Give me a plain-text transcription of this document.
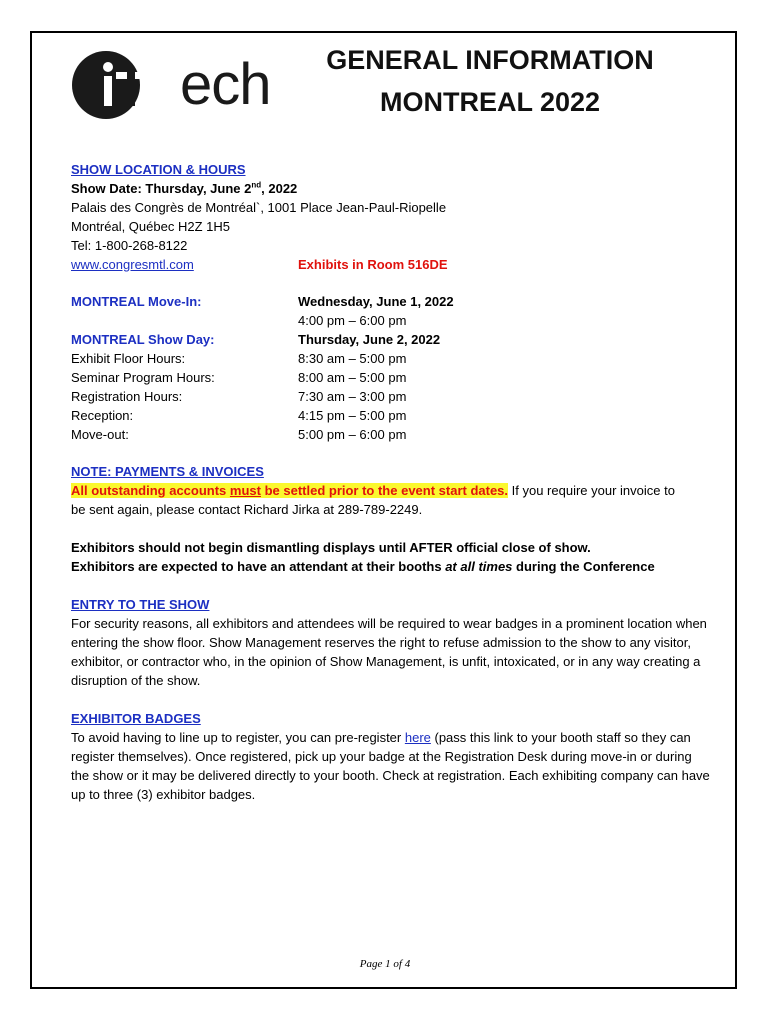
ech	GENERAL INFORMATION
MONTREAL 2022
SHOW LOCATION & HOURS
Show Date: Thursday, June 2nd, 2022
Palais des Congrès de Montréal`, 1001 Place Jean-Paul-Riopelle
Montréal, Québec H2Z 1H5
Tel: 1-800-268-8122
www.congresmtl.com	Exhibits in Room 516DE
MONTREAL Move-In:	Wednesday, June 1, 2022
4:00 pm – 6:00 pm
MONTREAL Show Day:	Thursday, June 2, 2022
Exhibit Floor Hours:	8:30 am – 5:00 pm
Seminar Program Hours:	8:00 am – 5:00 pm
Registration Hours:	7:30 am – 3:00 pm
Reception:	4:15 pm – 5:00 pm
Move-out:	5:00 pm – 6:00 pm
NOTE: PAYMENTS & INVOICES
All outstanding accounts must be settled prior to the event start dates. If you require your invoice to
be sent again, please contact Richard Jirka at 289-789-2249.
Exhibitors should not begin dismantling displays until AFTER official close of show.
Exhibitors are expected to have an attendant at their booths at all times during the Conference
ENTRY TO THE SHOW
For security reasons, all exhibitors and attendees will be required to wear badges in a prominent location when entering the show floor. Show Management reserves the right to refuse admission to the show to any visitor, exhibitor, or contractor who, in the opinion of Show Management, is unfit, intoxicated, or in any way creating a disruption of the show.
EXHIBITOR BADGES
To avoid having to line up to register, you can pre-register here (pass this link to your booth staff so they can register themselves). Once registered, pick up your badge at the Registration Desk during move-in or during the show or it may be delivered directly to your booth. Check at registration. Each exhibiting company can have up to three (3) exhibitor badges.
Page 1 of 4
